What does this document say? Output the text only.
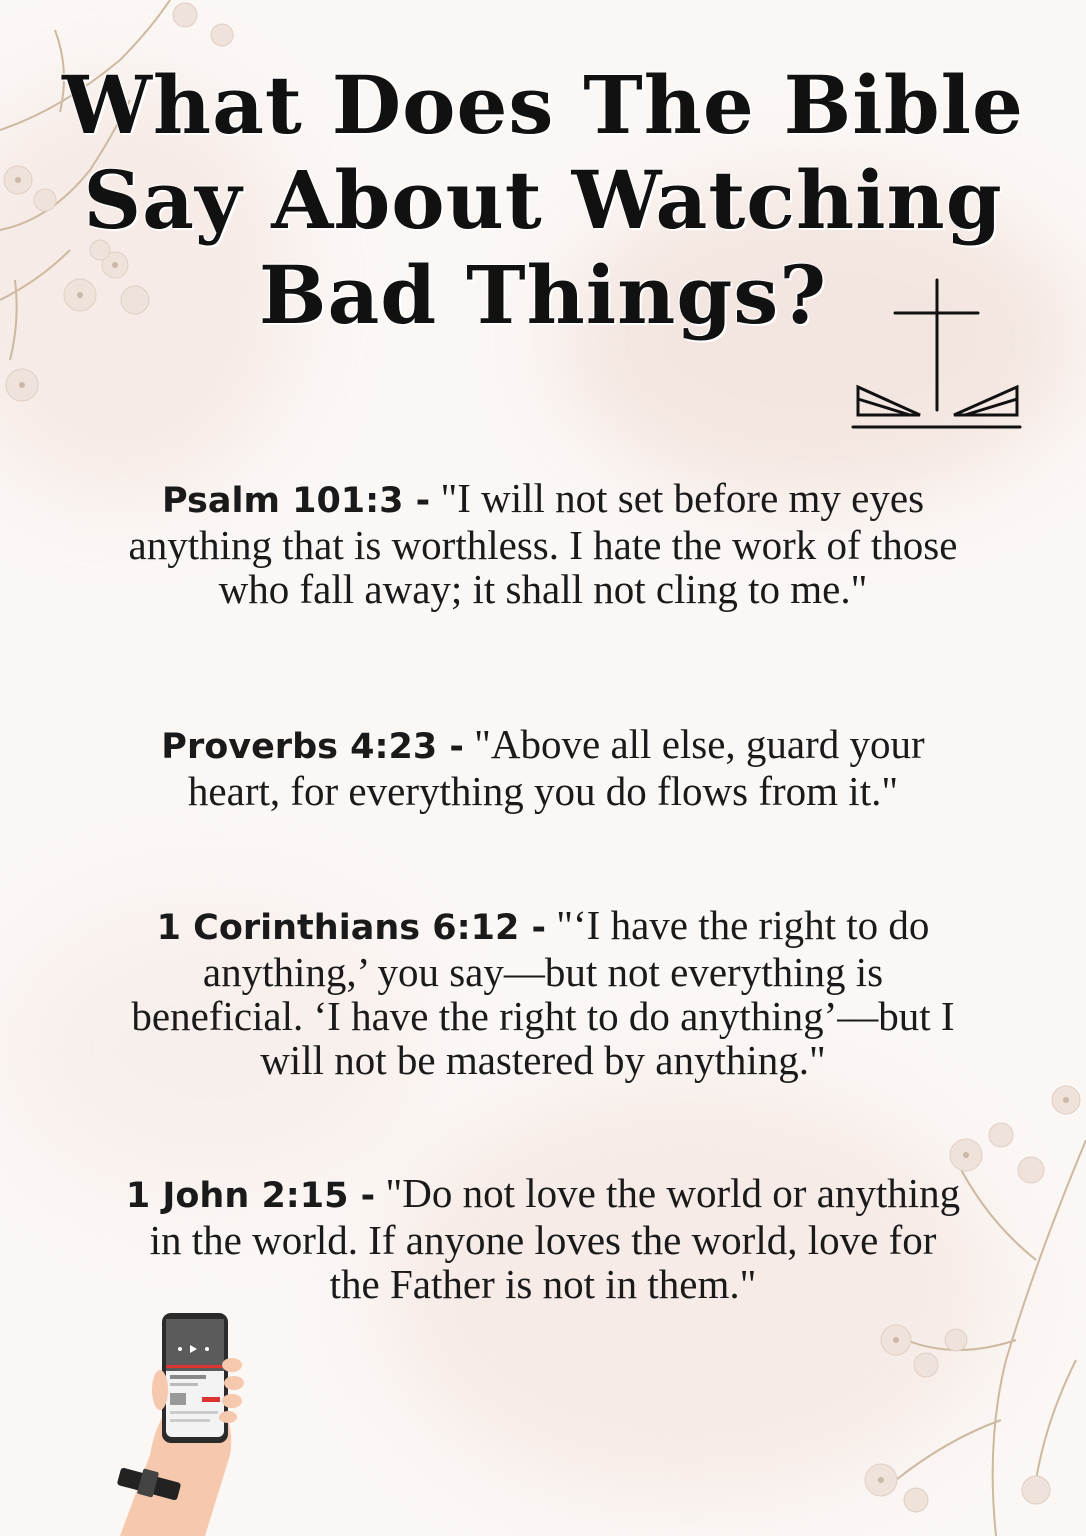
What Does The Bible
Say About Watching
Bad Things?

Psalm 101:3 - "I will not set before my eyes anything that is worthless. I hate the work of those who fall away; it shall not cling to me."

Proverbs 4:23 - "Above all else, guard your heart, for everything you do flows from it."

1 Corinthians 6:12 - "‘I have the right to do anything,’ you say—but not everything is beneficial. ‘I have the right to do anything’—but I will not be mastered by anything."

1 John 2:15 - "Do not love the world or anything in the world. If anyone loves the world, love for the Father is not in them."
